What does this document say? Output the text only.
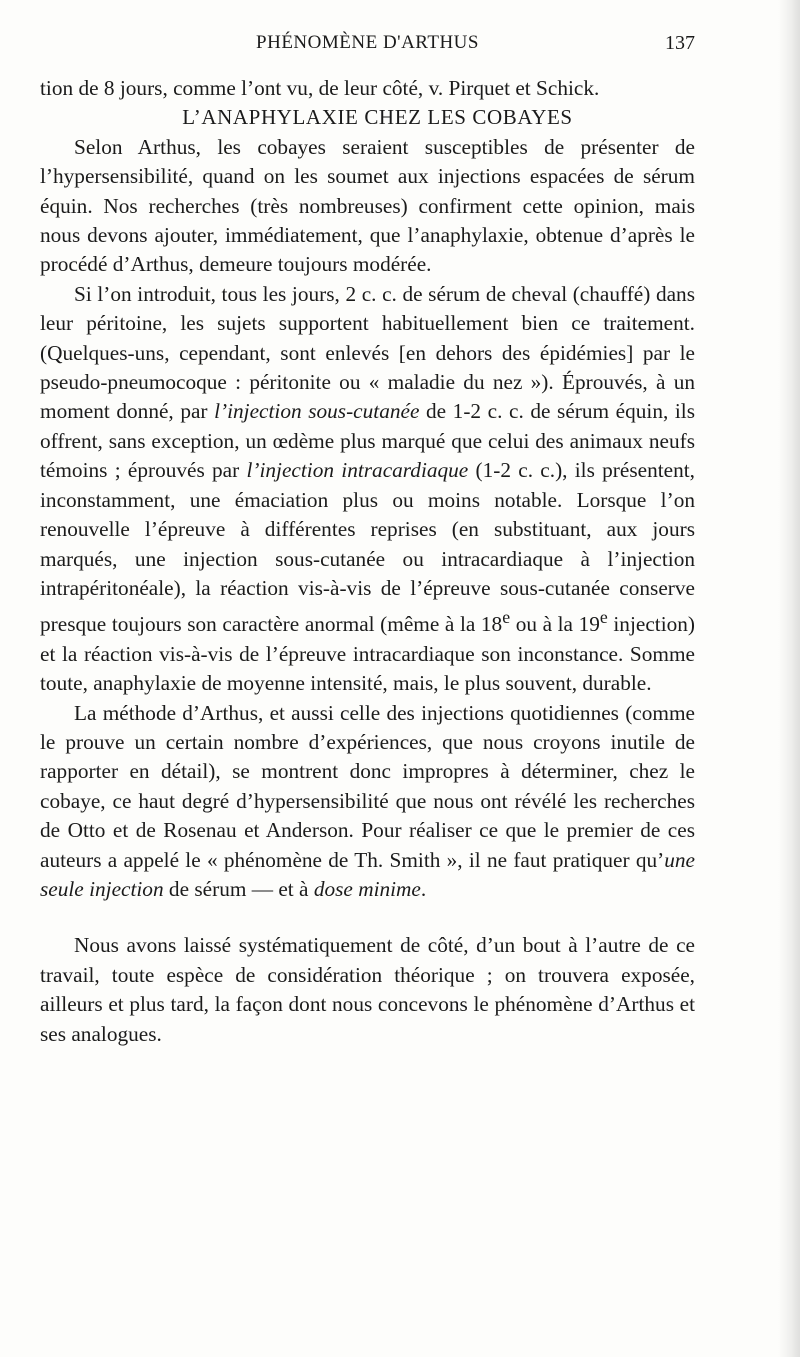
PHÉNOMÈNE D'ARTHUS	137

tion de 8 jours, comme l’ont vu, de leur côté, v. Pirquet et Schick.

L’ANAPHYLAXIE CHEZ LES COBAYES

Selon Arthus, les cobayes seraient susceptibles de présenter de l’hypersensibilité, quand on les soumet aux injections espacées de sérum équin. Nos recherches (très nombreuses) confirment cette opinion, mais nous devons ajouter, immédiatement, que l’anaphylaxie, obtenue d’après le procédé d’Arthus, demeure toujours modérée.

Si l’on introduit, tous les jours, 2 c. c. de sérum de cheval (chauffé) dans leur péritoine, les sujets supportent habituellement bien ce traitement. (Quelques-uns, cependant, sont enlevés [en dehors des épidémies] par le pseudo-pneumocoque : péritonite ou « maladie du nez »). Éprouvés, à un moment donné, par l’injection sous-cutanée de 1-2 c. c. de sérum équin, ils offrent, sans exception, un œdème plus marqué que celui des animaux neufs témoins ; éprouvés par l’injection intracardiaque (1-2 c. c.), ils présentent, inconstamment, une émaciation plus ou moins notable. Lorsque l’on renouvelle l’épreuve à différentes reprises (en substituant, aux jours marqués, une injection sous-cutanée ou intracardiaque à l’injection intrapéritonéale), la réaction vis-à-vis de l’épreuve sous-cutanée conserve presque toujours son caractère anormal (même à la 18e ou à la 19e injection) et la réaction vis-à-vis de l’épreuve intracardiaque son inconstance. Somme toute, anaphylaxie de moyenne intensité, mais, le plus souvent, durable.

La méthode d’Arthus, et aussi celle des injections quotidiennes (comme le prouve un certain nombre d’expériences, que nous croyons inutile de rapporter en détail), se montrent donc impropres à déterminer, chez le cobaye, ce haut degré d’hypersensibilité que nous ont révélé les recherches de Otto et de Rosenau et Anderson. Pour réaliser ce que le premier de ces auteurs a appelé le « phénomène de Th. Smith », il ne faut pratiquer qu’une seule injection de sérum — et à dose minime.

Nous avons laissé systématiquement de côté, d’un bout à l’autre de ce travail, toute espèce de considération théorique ; on trouvera exposée, ailleurs et plus tard, la façon dont nous concevons le phénomène d’Arthus et ses analogues.
